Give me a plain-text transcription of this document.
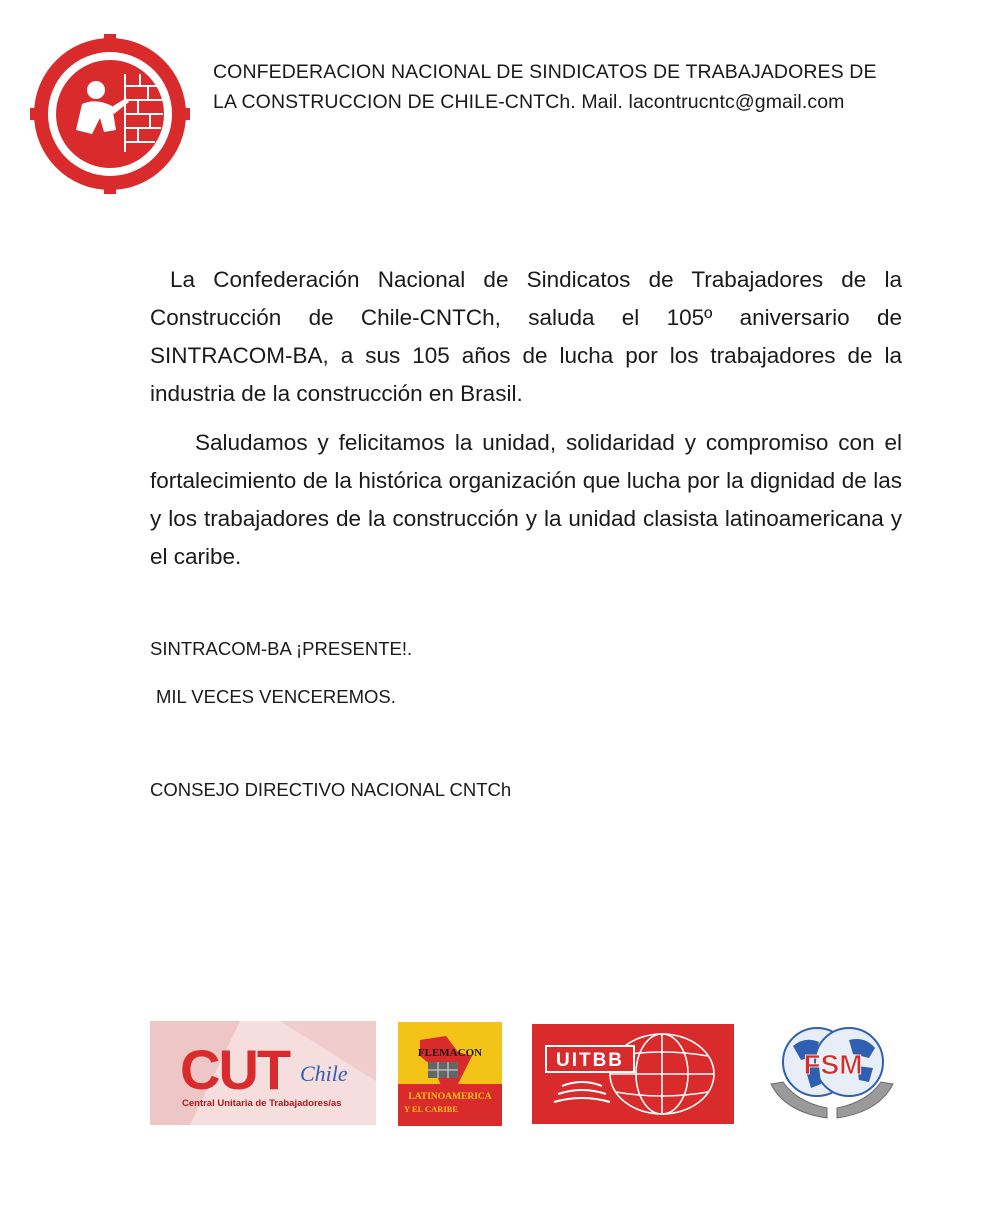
CONFEDERACION NACIONAL DE SINDICATOS DE TRABAJADORES DE
LA CONSTRUCCION DE CHILE-CNTCh. Mail. lacontrucntc@gmail.com

La Confederación Nacional de Sindicatos de Trabajadores de la Construcción de Chile-CNTCh, saluda el 105º aniversario de SINTRACOM-BA, a sus 105 años de lucha por los trabajadores de la industria de la construcción en Brasil.

Saludamos y felicitamos la unidad, solidaridad y compromiso con el fortalecimiento de la histórica organización que lucha por la dignidad de las y los trabajadores de la construcción y la unidad clasista latinoamericana y el caribe.

SINTRACOM-BA ¡PRESENTE!.
MIL VECES VENCEREMOS.
CONSEJO DIRECTIVO NACIONAL CNTCh
CUT Chile
Central Unitaria de Trabajadores/as
FLEMACON
LATINOAMERICA
Y EL CARIBE
UITBB	FSM
